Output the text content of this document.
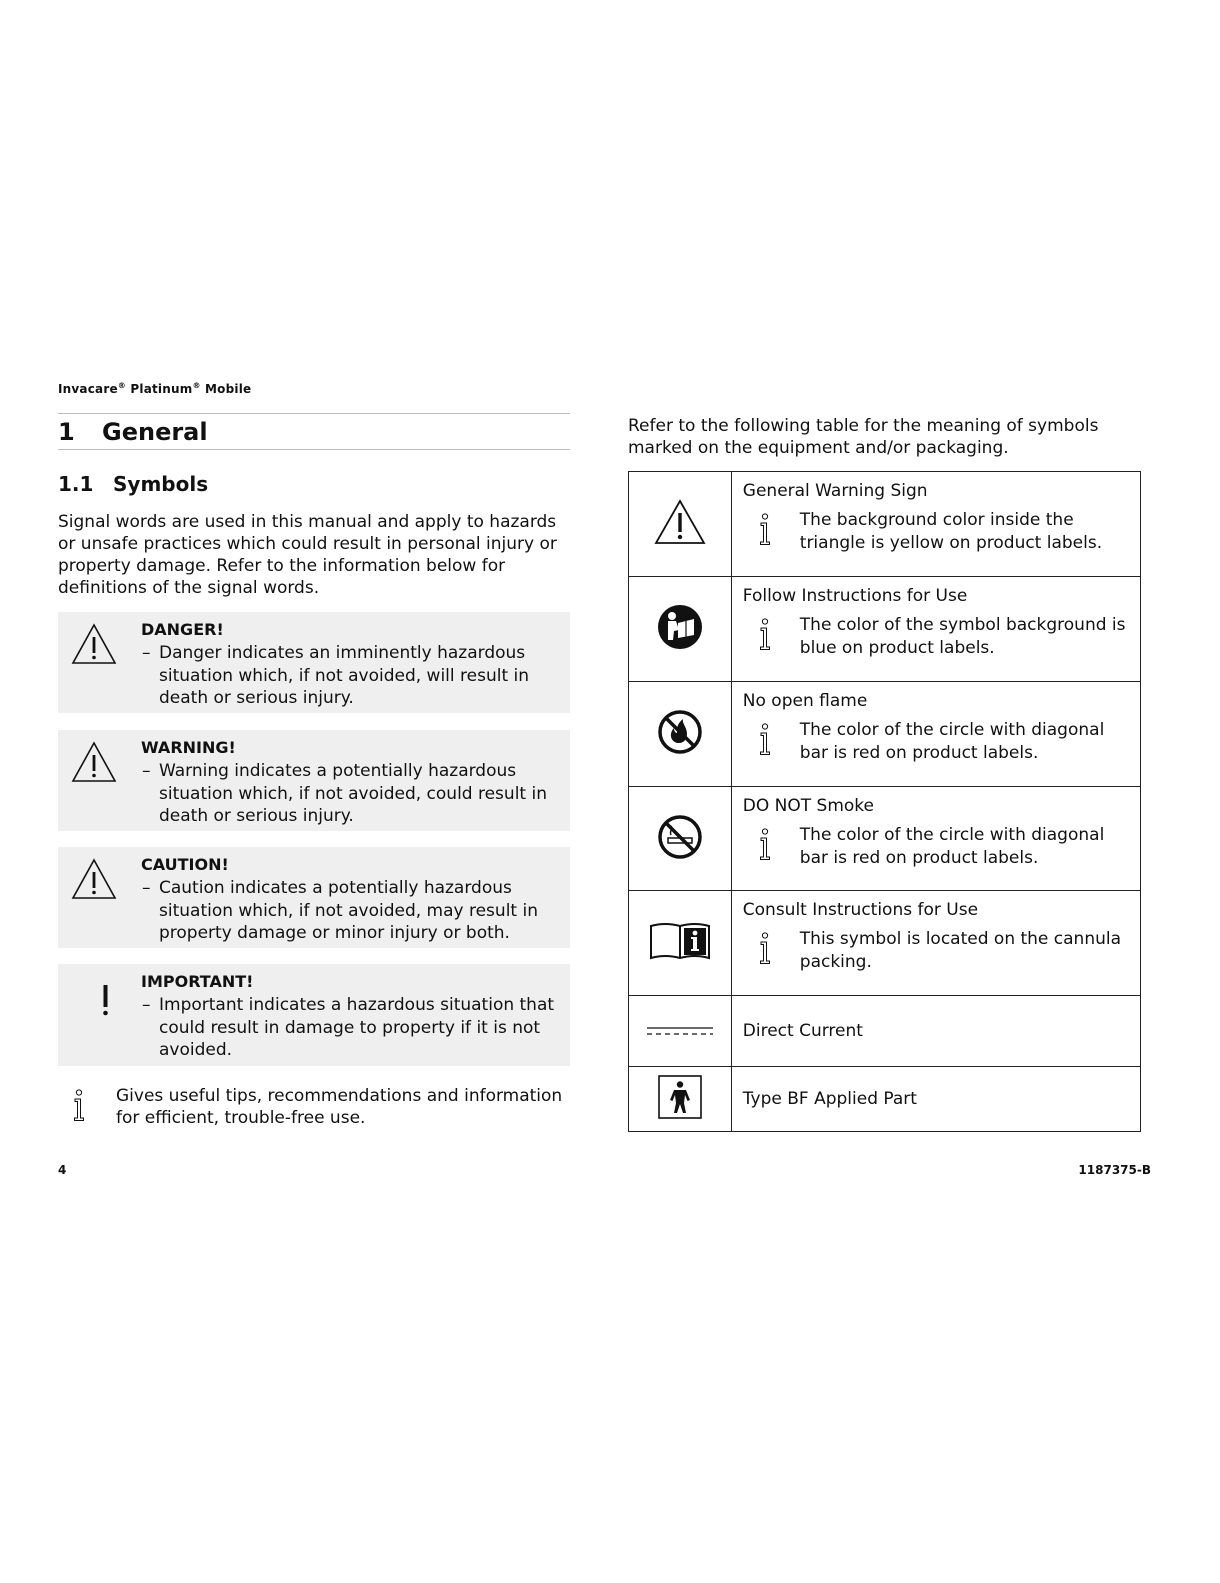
Invacare® Platinum® Mobile
1 General
1.1 Symbols
Signal words are used in this manual and apply to hazards or unsafe practices which could result in personal injury or property damage. Refer to the information below for definitions of the signal words.
DANGER!
– Danger indicates an imminently hazardous situation which, if not avoided, will result in death or serious injury.
WARNING!
– Warning indicates a potentially hazardous situation which, if not avoided, could result in death or serious injury.
CAUTION!
– Caution indicates a potentially hazardous situation which, if not avoided, may result in property damage or minor injury or both.
IMPORTANT!
– Important indicates a hazardous situation that could result in damage to property if it is not avoided.
Gives useful tips, recommendations and information for efficient, trouble-free use.
Refer to the following table for the meaning of symbols marked on the equipment and/or packaging.

General Warning Sign
The background color inside the triangle is yellow on product labels.

Follow Instructions for Use
The color of the symbol background is blue on product labels.

No open flame
The color of the circle with diagonal bar is red on product labels.

DO NOT Smoke
The color of the circle with diagonal bar is red on product labels.

Consult Instructions for Use
This symbol is located on the cannula packing.

Direct Current

Type BF Applied Part
4	1187375-B
